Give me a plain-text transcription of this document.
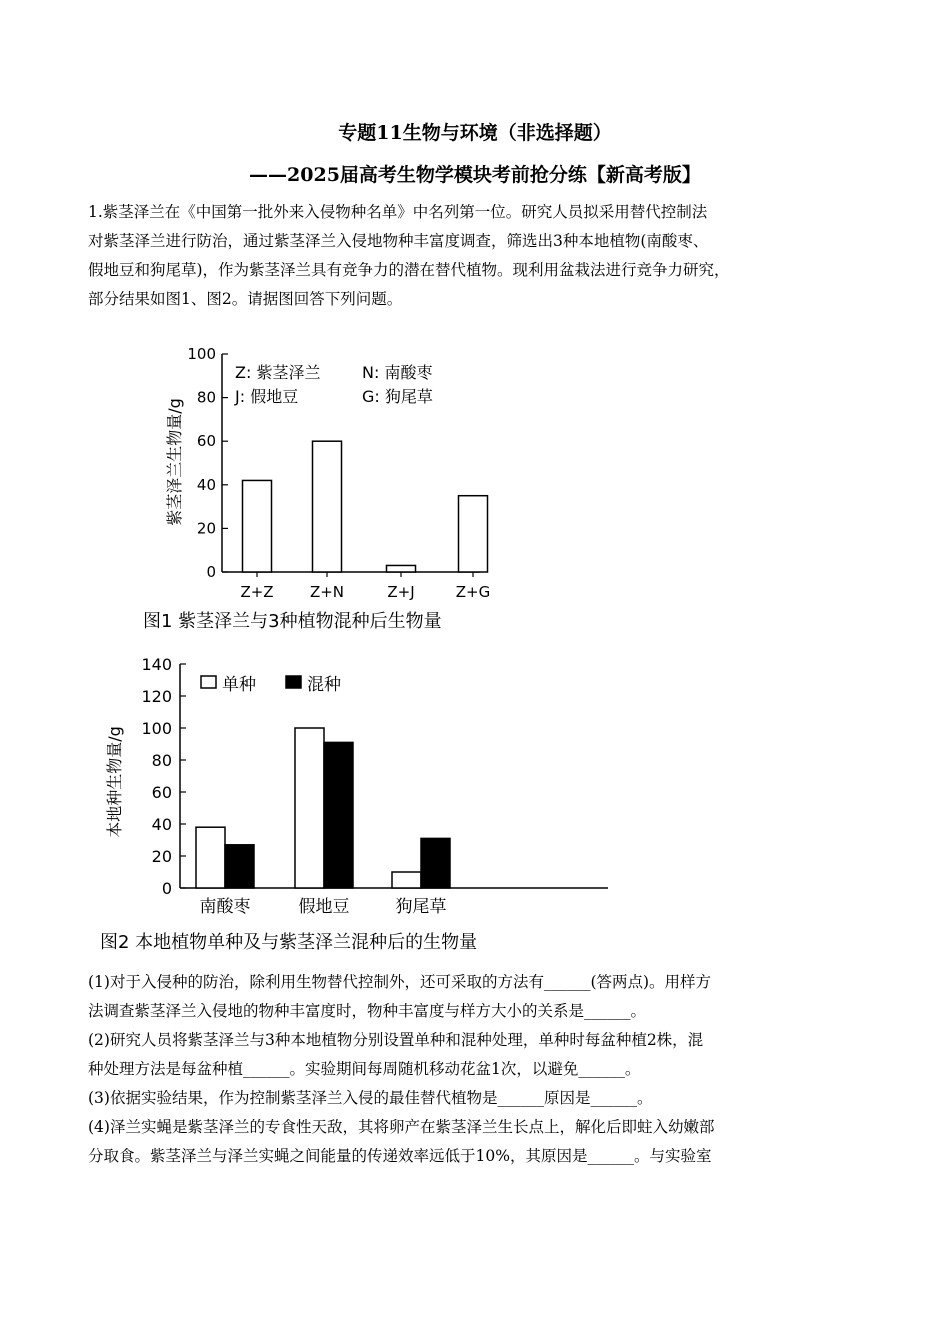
专题11生物与环境（非选择题）
——2025届高考生物学模块考前抢分练【新高考版】

1.紫茎泽兰在《中国第一批外来入侵物种名单》中名列第一位。研究人员拟采用替代控制法

对紫茎泽兰进行防治，通过紫茎泽兰入侵地物种丰富度调查，筛选出3种本地植物(南酸枣、

假地豆和狗尾草)，作为紫茎泽兰具有竞争力的潜在替代植物。现利用盆栽法进行竞争力研究，

部分结果如图1、图2。请据图回答下列问题。

0
20
40
60
80
100
Z+Z Z+N	Z+J	Z+G
紫茎泽兰生物量/g
Z: 紫茎泽兰	N: 南酸枣
J: 假地豆	G: 狗尾草
图1 紫茎泽兰与3种植物混种后生物量
0
20
40
60
80
100
120
140
南酸枣	假地豆	狗尾草
本地种生物量/g
单种	混种
图2 本地植物单种及与紫茎泽兰混种后的生物量

(1)对于入侵种的防治，除利用生物替代控制外，还可采取的方法有______(答两点)。用样方

法调查紫茎泽兰入侵地的物种丰富度时，物种丰富度与样方大小的关系是______。

(2)研究人员将紫茎泽兰与3种本地植物分别设置单种和混种处理，单种时每盆种植2株，混

种处理方法是每盆种植______。实验期间每周随机移动花盆1次，以避免______。

(3)依据实验结果，作为控制紫茎泽兰入侵的最佳替代植物是______原因是______。

(4)泽兰实蝇是紫茎泽兰的专食性天敌，其将卵产在紫茎泽兰生长点上，解化后即蛀入幼嫩部

分取食。紫茎泽兰与泽兰实蝇之间能量的传递效率远低于10%，其原因是______。与实验室
